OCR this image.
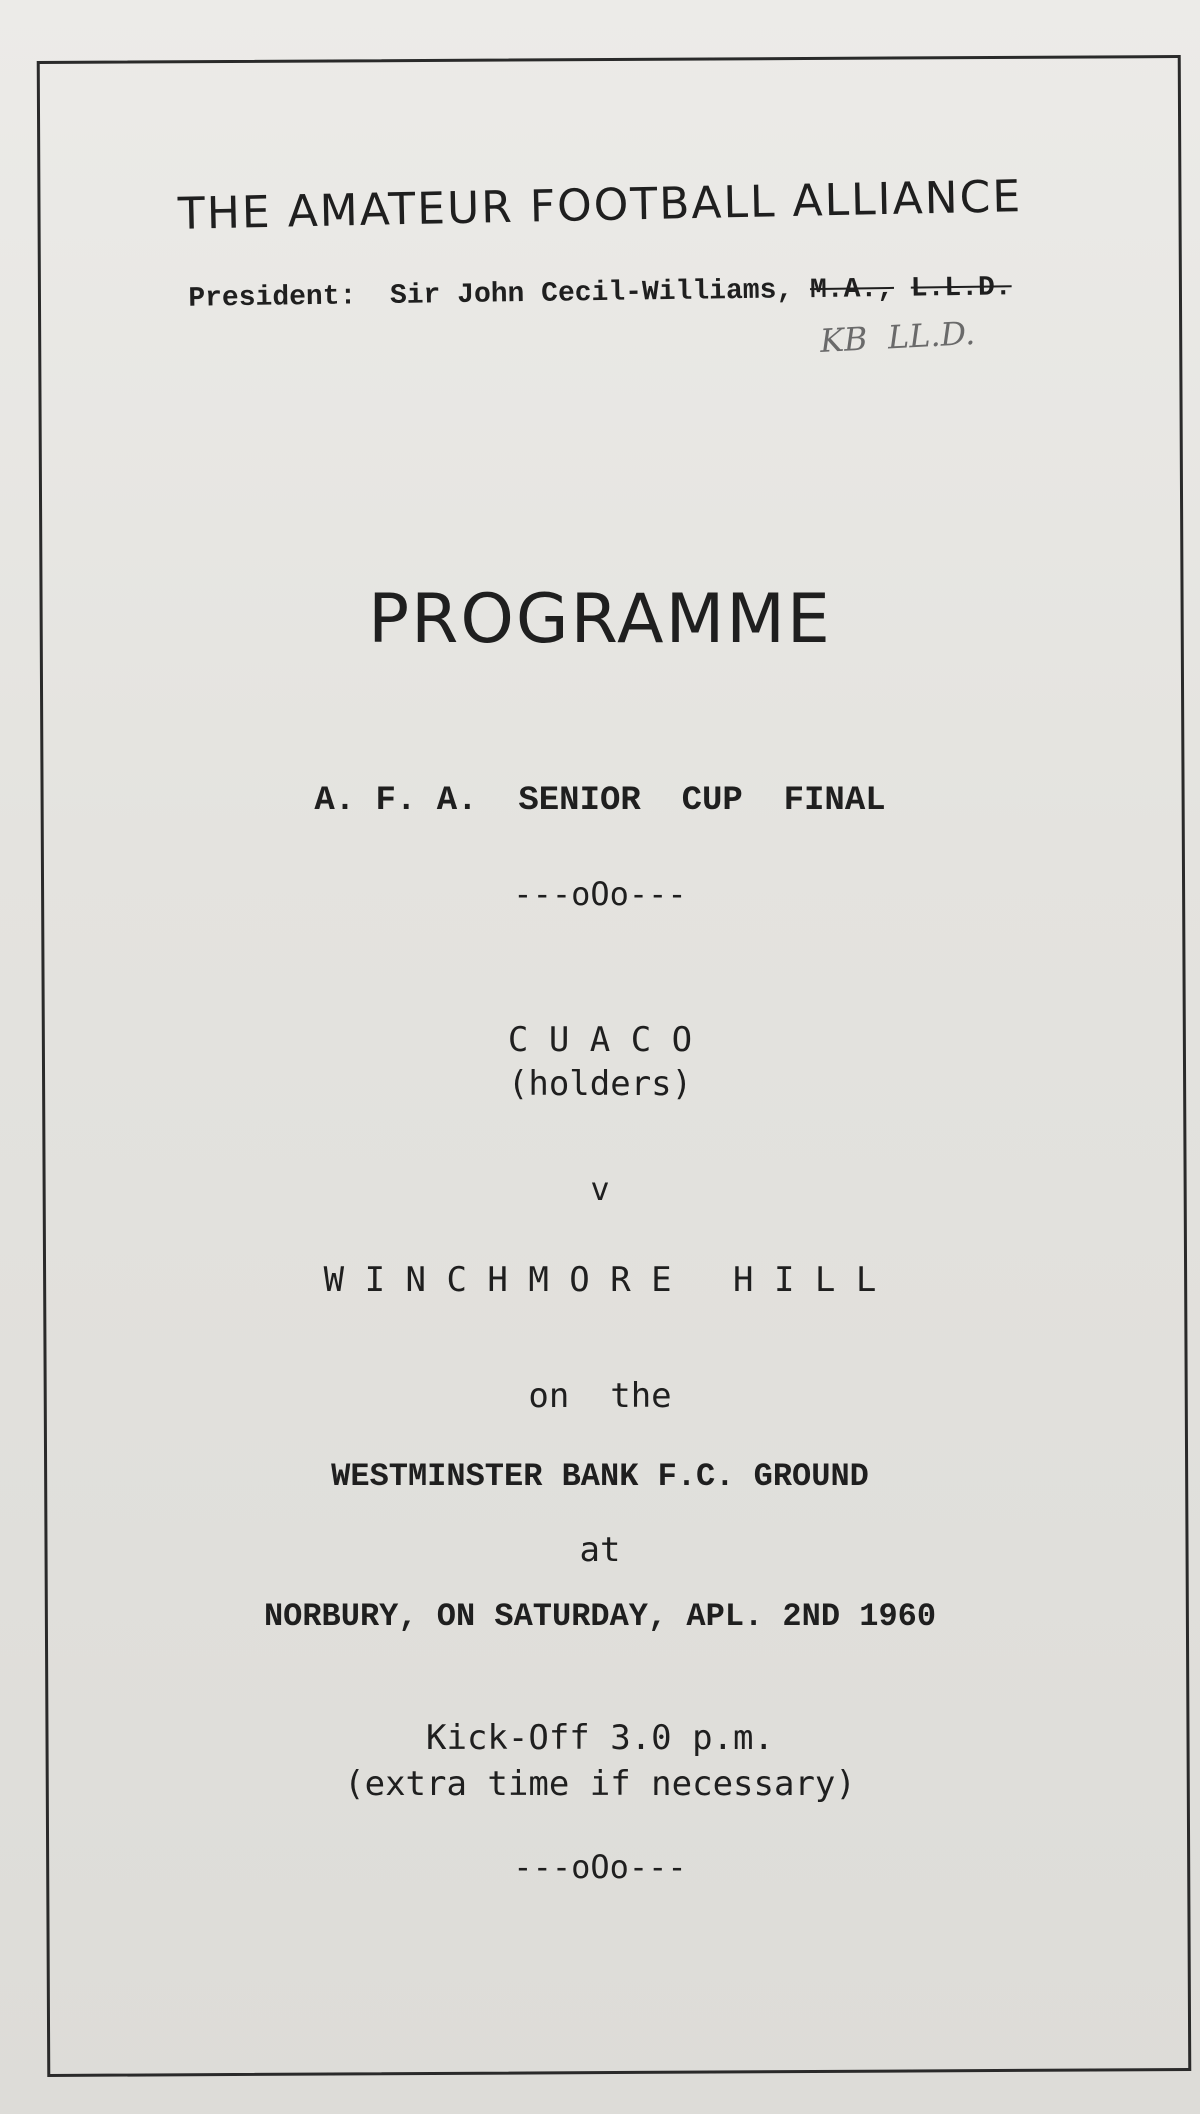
THE AMATEUR FOOTBALL ALLIANCE
President: Sir John Cecil-Williams, M.A., L.L.D.
KB  LL.D.
PROGRAMME
A. F. A.  SENIOR  CUP  FINAL
---oOo---
C U A C O
(holders)
v
W I N C H M O R E   H I L L
on  the
WESTMINSTER BANK F.C. GROUND
at
NORBURY, ON SATURDAY, APL. 2ND 1960
Kick-Off 3.0 p.m.
(extra time if necessary)
---oOo---
